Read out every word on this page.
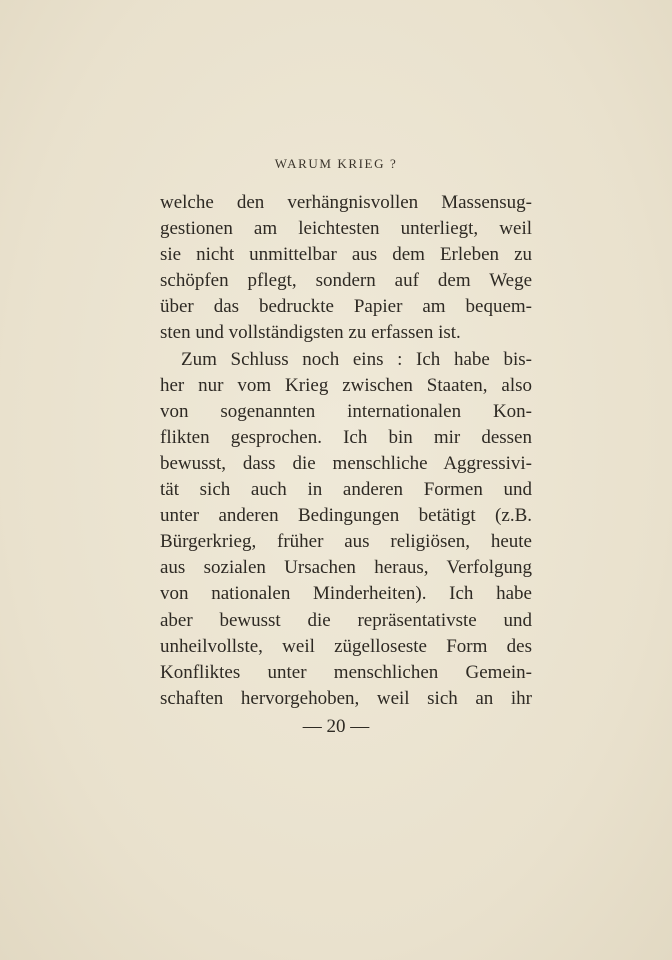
WARUM KRIEG ?
welche den verhängnisvollen Massensug-
gestionen am leichtesten unterliegt, weil
sie nicht unmittelbar aus dem Erleben zu
schöpfen pflegt, sondern auf dem Wege
über das bedruckte Papier am bequem-
sten und vollständigsten zu erfassen ist.
Zum Schluss noch eins : Ich habe bis-
her nur vom Krieg zwischen Staaten, also
von sogenannten internationalen Kon-
flikten gesprochen. Ich bin mir dessen
bewusst, dass die menschliche Aggressivi-
tät sich auch in anderen Formen und
unter anderen Bedingungen betätigt (z.B.
Bürgerkrieg, früher aus religiösen, heute
aus sozialen Ursachen heraus, Verfolgung
von nationalen Minderheiten). Ich habe
aber bewusst die repräsentativste und
unheilvollste, weil zügelloseste Form des
Konfliktes unter menschlichen Gemein-
schaften hervorgehoben, weil sich an ihr
— 20 —
